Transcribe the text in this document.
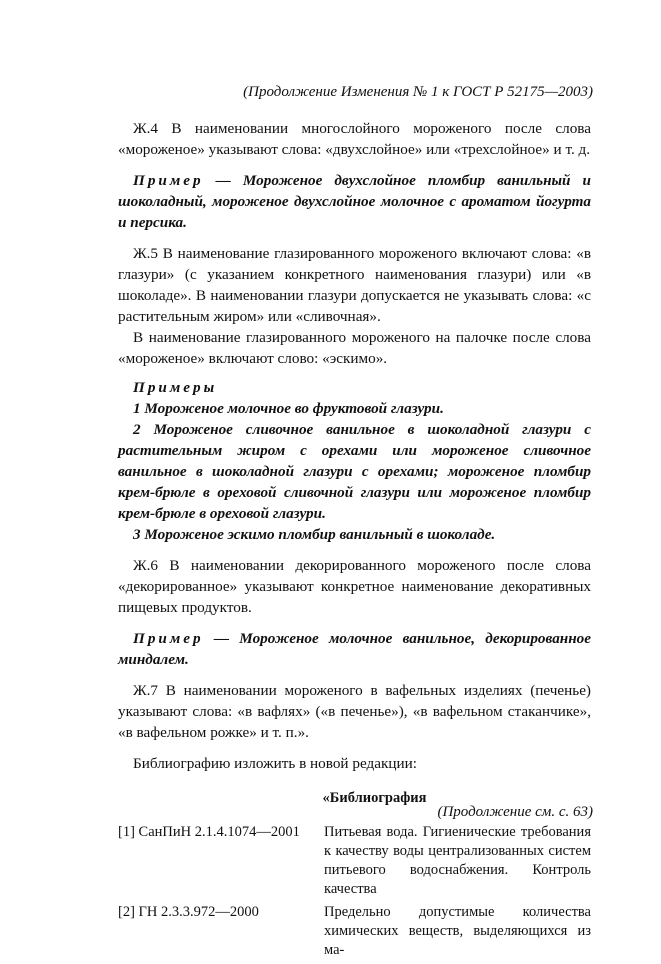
(Продолжение Изменения № 1 к ГОСТ Р 52175—2003)

Ж.4 В наименовании многослойного мороженого после слова «мороженое» указывают слова: «двухслойное» или «трехслойное» и т. д.

Пример — Мороженое двухслойное пломбир ванильный и шоколадный, мороженое двухслойное молочное с ароматом йогурта и персика.

Ж.5 В наименование глазированного мороженого включают слова: «в глазури» (с указанием конкретного наименования глазури) или «в шоколаде». В наименовании глазури допускается не указывать слова: «с растительным жиром» или «сливочная».

В наименование глазированного мороженого на палочке после слова «мороженое» включают слово: «эскимо».

Примеры

1 Мороженое молочное во фруктовой глазури.

2 Мороженое сливочное ванильное в шоколадной глазури с растительным жиром с орехами или мороженое сливочное ванильное в шоколадной глазури с орехами; мороженое пломбир крем-брюле в ореховой сливочной глазури или мороженое пломбир крем-брюле в ореховой глазури.

3 Мороженое эскимо пломбир ванильный в шоколаде.

Ж.6 В наименовании декорированного мороженого после слова «декорированное» указывают конкретное наименование декоративных пищевых продуктов.

Пример — Мороженое молочное ванильное, декорированное миндалем.

Ж.7 В наименовании мороженого в вафельных изделиях (печенье) указывают слова: «в вафлях» («в печенье»), «в вафельном стаканчике», «в вафельном рожке» и т. п.».

Библиографию изложить в новой редакции:

«Библиография
[1] СанПиН 2.1.4.1074—2001	Питьевая вода. Гигиенические требования к качеству воды централизованных систем питьевого водоснабжения. Контроль качества
[2] ГН 2.3.3.972—2000	Предельно допустимые количества химических веществ, выделяющихся из ма-
(Продолжение см. с. 63)
